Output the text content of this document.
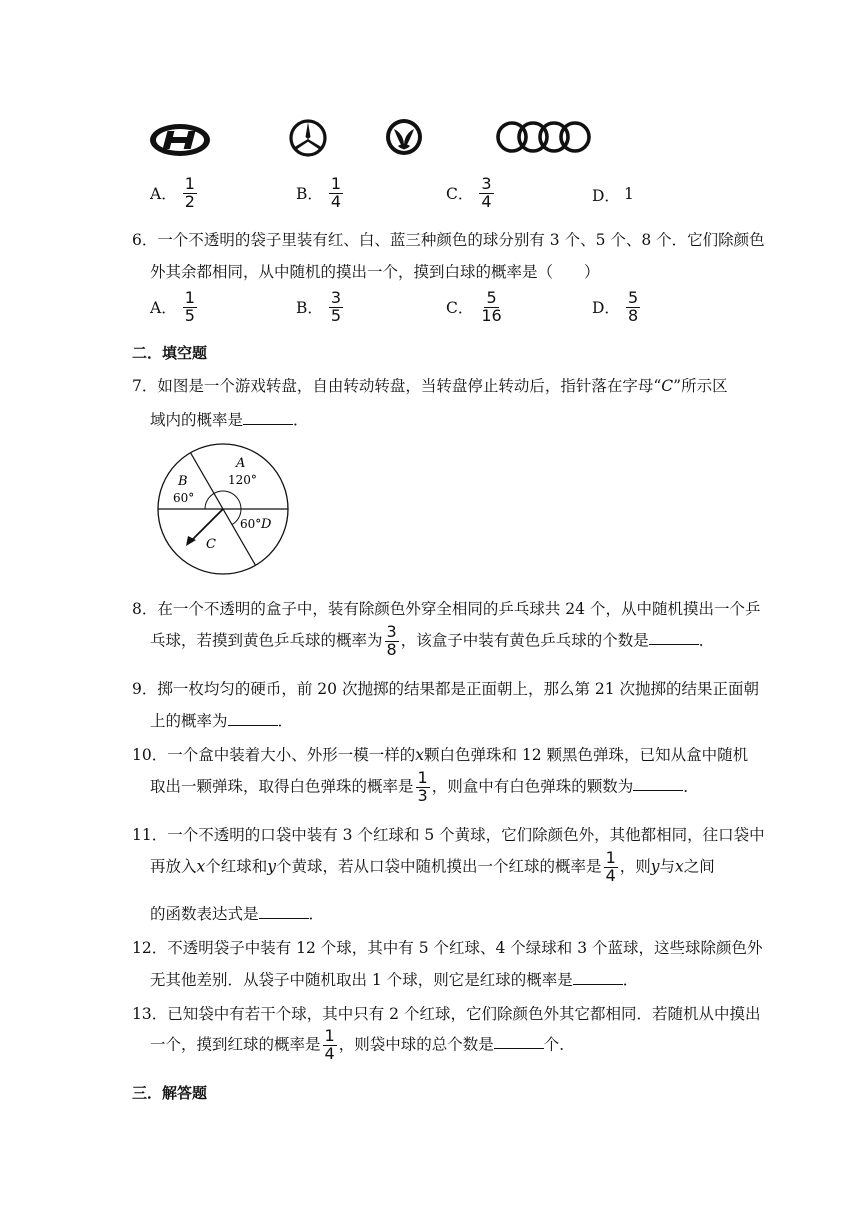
A． $\frac{1}{2}$	B． $\frac{1}{4}$	C． $\frac{3}{4}$	D． 1
6．一个不透明的袋子里装有红、白、蓝三种颜色的球分别有 3 个、5 个、8 个．它们除颜色
外其余都相同，从中随机的摸出一个，摸到白球的概率是（　　）
A． $\frac{1}{5}$	B． $\frac{3}{5}$	C． $\frac{5}{16}$	D． $\frac{5}{8}$
二．填空题
7．如图是一个游戏转盘，自由转动转盘，当转盘停止转动后，指针落在字母“C”所示区
域内的概率是	．
A
120°
B
60°
C
60° D
8．在一个不透明的盒子中，装有除颜色外穿全相同的乒乓球共 24 个，从中随机摸出一个乒
乓球，若摸到黄色乒乓球的概率为 $\frac{3}{8}$ ，该盒子中装有黄色乒乓球的个数是	．
9．掷一枚均匀的硬币，前 20 次抛掷的结果都是正面朝上，那么第 21 次抛掷的结果正面朝
上的概率为	．
10．一个盒中装着大小、外形一模一样的x颗白色弹珠和 12 颗黑色弹珠，已知从盒中随机
取出一颗弹珠，取得白色弹珠的概率是 $\frac{1}{3}$ ，则盒中有白色弹珠的颗数为	．
11．一个不透明的口袋中装有 3 个红球和 5 个黄球，它们除颜色外，其他都相同，往口袋中
再放入x个红球和y个黄球，若从口袋中随机摸出一个红球的概率是 $\frac{1}{4}$ ，则y与x之间
的函数表达式是	．
12．不透明袋子中装有 12 个球，其中有 5 个红球、4 个绿球和 3 个蓝球，这些球除颜色外
无其他差别．从袋子中随机取出 1 个球，则它是红球的概率是	．
13．已知袋中有若干个球，其中只有 2 个红球，它们除颜色外其它都相同．若随机从中摸出
一个，摸到红球的概率是 $\frac{1}{4}$ ，则袋中球的总个数是	个．
三．解答题
